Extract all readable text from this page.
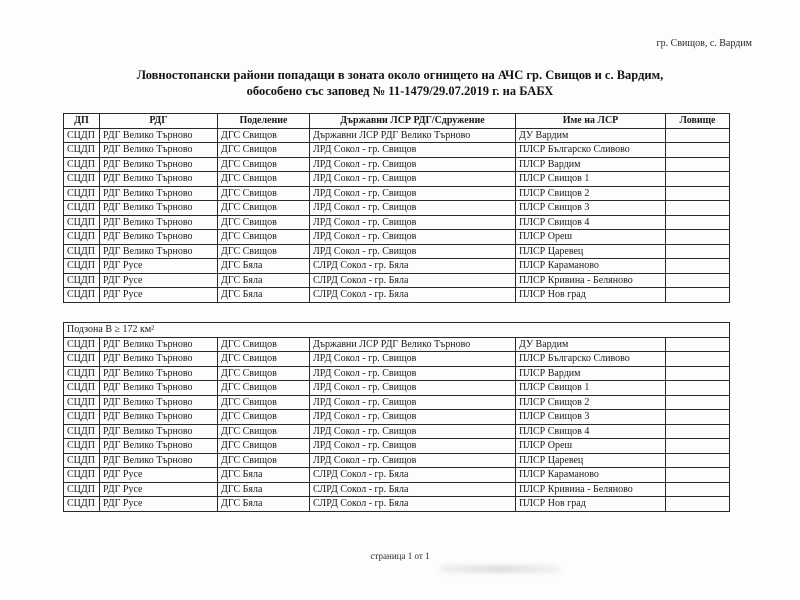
гр. Свищов, с. Вардим
Ловностопански райони попадащи в зоната около огнището на АЧС гр. Свищов и с. Вардим,
обособено със заповед № 11-1479/29.07.2019 г. на БАБХ
ДП	РДГ	Поделение	Държавни ЛСР РДГ/Сдружение	Име на ЛСР	Ловище
СЦДП	РДГ Велико Търново	ДГС Свищов	Държавни ЛСР РДГ Велико Търново	ДУ Вардим	
СЦДП	РДГ Велико Търново	ДГС Свищов	ЛРД Сокол - гр. Свищов	ПЛСР Българско Сливово	
СЦДП	РДГ Велико Търново	ДГС Свищов	ЛРД Сокол - гр. Свищов	ПЛСР Вардим	
СЦДП	РДГ Велико Търново	ДГС Свищов	ЛРД Сокол - гр. Свищов	ПЛСР Свищов 1	
СЦДП	РДГ Велико Търново	ДГС Свищов	ЛРД Сокол - гр. Свищов	ПЛСР Свищов 2	
СЦДП	РДГ Велико Търново	ДГС Свищов	ЛРД Сокол - гр. Свищов	ПЛСР Свищов 3	
СЦДП	РДГ Велико Търново	ДГС Свищов	ЛРД Сокол - гр. Свищов	ПЛСР Свищов 4	
СЦДП	РДГ Велико Търново	ДГС Свищов	ЛРД Сокол - гр. Свищов	ПЛСР Ореш	
СЦДП	РДГ Велико Търново	ДГС Свищов	ЛРД Сокол - гр. Свищов	ПЛСР Царевец	
СЦДП	РДГ Русе	ДГС Бяла	СЛРД Сокол - гр. Бяла	ПЛСР Караманово	
СЦДП	РДГ Русе	ДГС Бяла	СЛРД Сокол - гр. Бяла	ПЛСР Кривина - Беляново	
СЦДП	РДГ Русе	ДГС Бяла	СЛРД Сокол - гр. Бяла	ПЛСР Нов град	
Подзона В ≥ 172 км²					
СЦДП	РДГ Велико Търново	ДГС Свищов	Държавни ЛСР РДГ Велико Търново	ДУ Вардим	
СЦДП	РДГ Велико Търново	ДГС Свищов	ЛРД Сокол - гр. Свищов	ПЛСР Българско Сливово	
СЦДП	РДГ Велико Търново	ДГС Свищов	ЛРД Сокол - гр. Свищов	ПЛСР Вардим	
СЦДП	РДГ Велико Търново	ДГС Свищов	ЛРД Сокол - гр. Свищов	ПЛСР Свищов 1	
СЦДП	РДГ Велико Търново	ДГС Свищов	ЛРД Сокол - гр. Свищов	ПЛСР Свищов 2	
СЦДП	РДГ Велико Търново	ДГС Свищов	ЛРД Сокол - гр. Свищов	ПЛСР Свищов 3	
СЦДП	РДГ Велико Търново	ДГС Свищов	ЛРД Сокол - гр. Свищов	ПЛСР Свищов 4	
СЦДП	РДГ Велико Търново	ДГС Свищов	ЛРД Сокол - гр. Свищов	ПЛСР Ореш	
СЦДП	РДГ Велико Търново	ДГС Свищов	ЛРД Сокол - гр. Свищов	ПЛСР Царевец	
СЦДП	РДГ Русе	ДГС Бяла	СЛРД Сокол - гр. Бяла	ПЛСР Караманово	
СЦДП	РДГ Русе	ДГС Бяла	СЛРД Сокол - гр. Бяла	ПЛСР Кривина - Беляново	
СЦДП	РДГ Русе	ДГС Бяла	СЛРД Сокол - гр. Бяла	ПЛСР Нов град	
страница 1 от 1
